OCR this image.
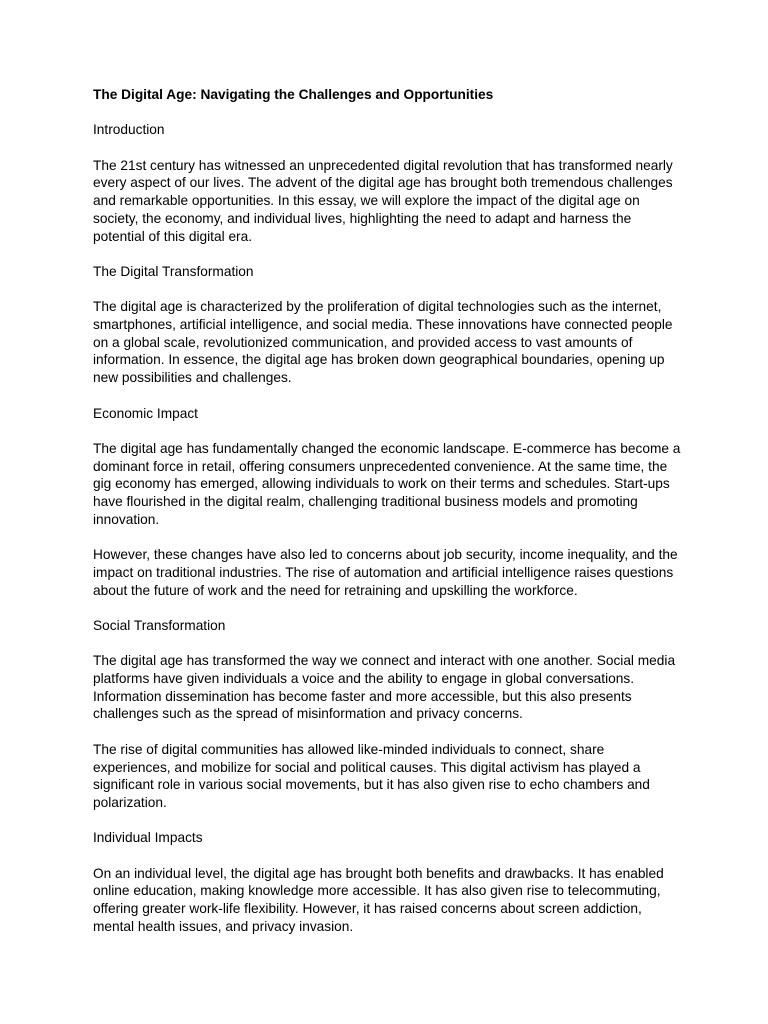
The Digital Age: Navigating the Challenges and Opportunities
Introduction

The 21st century has witnessed an unprecedented digital revolution that has transformed nearly every aspect of our lives. The advent of the digital age has brought both tremendous challenges and remarkable opportunities. In this essay, we will explore the impact of the digital age on society, the economy, and individual lives, highlighting the need to adapt and harness the potential of this digital era.

The Digital Transformation

The digital age is characterized by the proliferation of digital technologies such as the internet, smartphones, artificial intelligence, and social media. These innovations have connected people on a global scale, revolutionized communication, and provided access to vast amounts of information. In essence, the digital age has broken down geographical boundaries, opening up new possibilities and challenges.

Economic Impact

The digital age has fundamentally changed the economic landscape. E-commerce has become a dominant force in retail, offering consumers unprecedented convenience. At the same time, the gig economy has emerged, allowing individuals to work on their terms and schedules. Start-ups have flourished in the digital realm, challenging traditional business models and promoting innovation.

However, these changes have also led to concerns about job security, income inequality, and the impact on traditional industries. The rise of automation and artificial intelligence raises questions about the future of work and the need for retraining and upskilling the workforce.

Social Transformation

The digital age has transformed the way we connect and interact with one another. Social media platforms have given individuals a voice and the ability to engage in global conversations. Information dissemination has become faster and more accessible, but this also presents challenges such as the spread of misinformation and privacy concerns.

The rise of digital communities has allowed like-minded individuals to connect, share experiences, and mobilize for social and political causes. This digital activism has played a significant role in various social movements, but it has also given rise to echo chambers and polarization.

Individual Impacts

On an individual level, the digital age has brought both benefits and drawbacks. It has enabled online education, making knowledge more accessible. It has also given rise to telecommuting, offering greater work-life flexibility. However, it has raised concerns about screen addiction, mental health issues, and privacy invasion.
